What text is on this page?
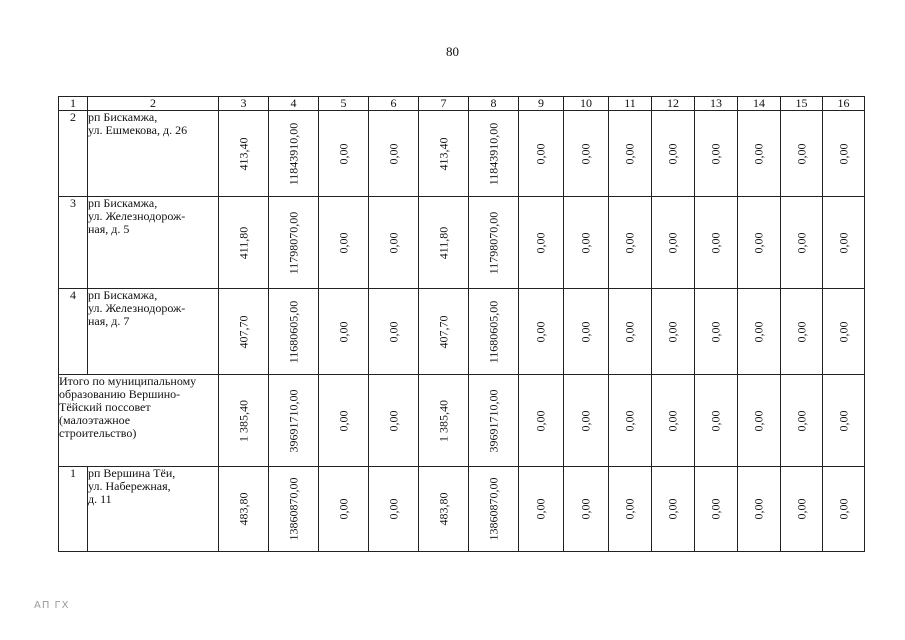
80
1	2	3	4	5	6	7	8	9	10	11	12	13	14	15	16
2	рп Бискамжа,
ул. Ешмекова, д. 26	413,40	11843910,00	0,00	0,00	413,40	11843910,00	0,00	0,00	0,00	0,00	0,00	0,00	0,00	0,00

3	рп Бискамжа,
ул. Железнодорож-
ная, д. 5	411,80	11798070,00	0,00	0,00	411,80	11798070,00	0,00	0,00	0,00	0,00	0,00	0,00	0,00	0,00

4	рп Бискамжа,
ул. Железнодорож-
ная, д. 7	407,70	11680605,00	0,00	0,00	407,70	11680605,00	0,00	0,00	0,00	0,00	0,00	0,00	0,00	0,00

Итого по муниципальному
образованию Вершино-
Тёйский поссовет
(малоэтажное
строительство)		1 385,40	39691710,00	0,00	0,00	1 385,40	39691710,00	0,00	0,00	0,00	0,00	0,00	0,00	0,00	0,00

1	рп Вершина Тёи,
ул. Набережная,
д. 11	483,80	13860870,00	0,00	0,00	483,80	13860870,00	0,00	0,00	0,00	0,00	0,00	0,00	0,00	0,00
АП ГХ
